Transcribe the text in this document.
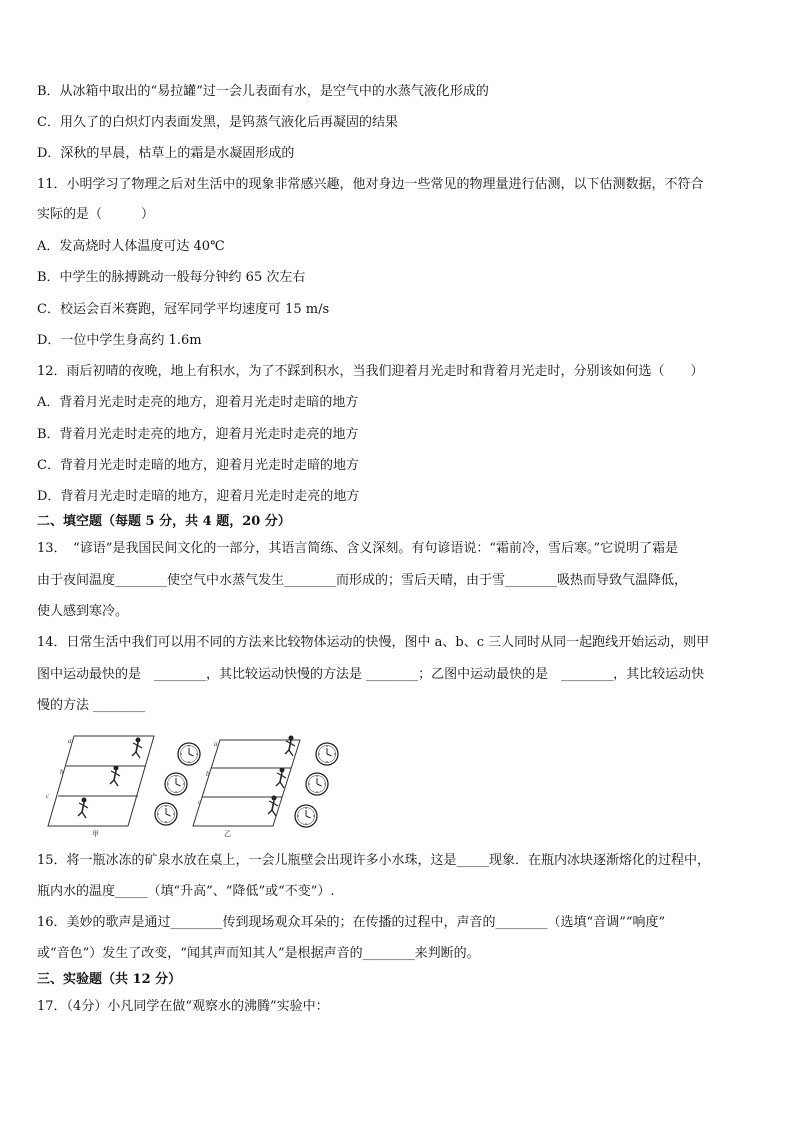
B．从冰箱中取出的“易拉罐”过一会儿表面有水，是空气中的水蒸气液化形成的
C．用久了的白炽灯内表面发黑，是钨蒸气液化后再凝固的结果
D．深秋的早晨，枯草上的霜是水凝固形成的
11．小明学习了物理之后对生活中的现象非常感兴趣，他对身边一些常见的物理量进行估测，以下估测数据，不符合
实际的是（　　　）
A．发高烧时人体温度可达 40℃
B．中学生的脉搏跳动一般每分钟约 65 次左右
C．校运会百米赛跑，冠军同学平均速度可 15 m/s
D．一位中学生身高约 1.6m
12．雨后初晴的夜晚，地上有积水，为了不踩到积水，当我们迎着月光走时和背着月光走时，分别该如何选（　　）
A．背着月光走时走亮的地方，迎着月光走时走暗的地方
B．背着月光走时走亮的地方，迎着月光走时走亮的地方
C．背着月光走时走暗的地方，迎着月光走时走暗的地方
D．背着月光走时走暗的地方，迎着月光走时走亮的地方
二、填空题（每题 5 分，共 4 题，20 分）
13．　“谚语”是我国民间文化的一部分，其语言简练、含义深刻。有句谚语说：“霜前冷，雪后寒。”它说明了霜是
由于夜间温度________使空气中水蒸气发生________而形成的；雪后天晴，由于雪________吸热而导致气温降低，
使人感到寒冷。
14．日常生活中我们可以用不同的方法来比较物体运动的快慢，图中 a、b、c 三人同时从同一起跑线开始运动，则甲
图中运动最快的是　________，其比较运动快慢的方法是 ________；乙图中运动最快的是　________，其比较运动快
慢的方法 ________
15．将一瓶冰冻的矿泉水放在桌上，一会儿瓶壁会出现许多小水珠，这是_____现象．在瓶内冰块逐渐熔化的过程中，
瓶内水的温度_____（填“升高”、“降低”或“不变”）.
16．美妙的歌声是通过________传到现场观众耳朵的；在传播的过程中，声音的________（选填“音调”“响度”
或“音色”）发生了改变，“闻其声而知其人”是根据声音的________来判断的。
三、实验题（共 12 分）
17．（4分）小凡同学在做“观察水的沸腾”实验中：
a
b
c
甲
a
b
c
乙
